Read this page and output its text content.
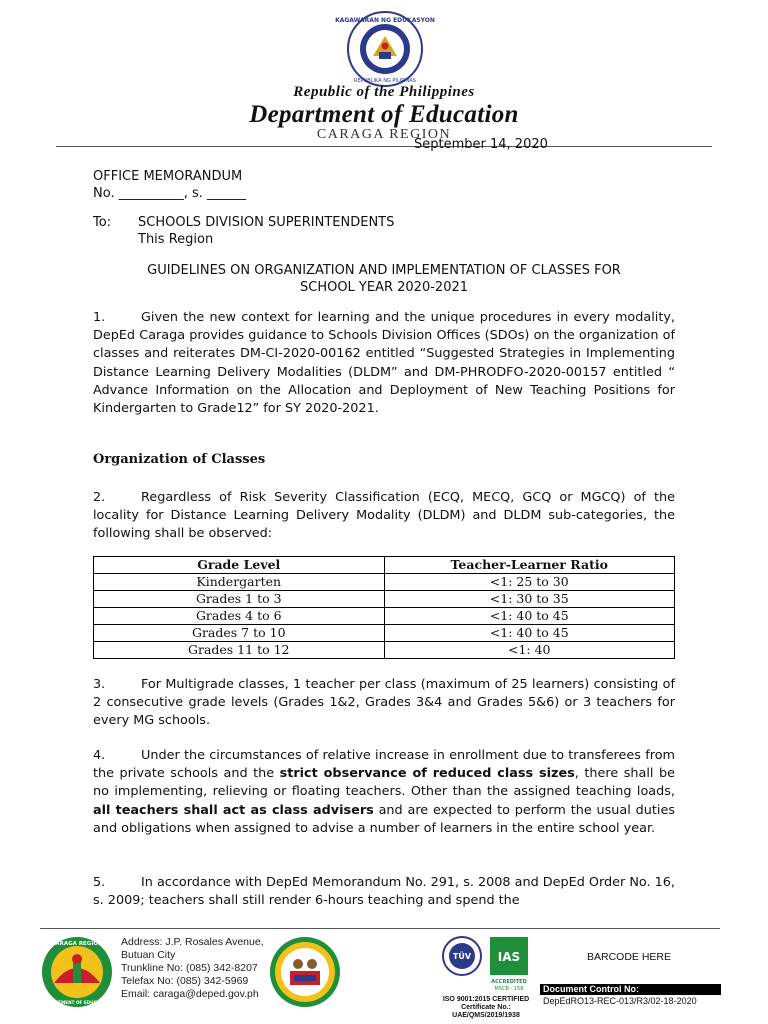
KAGAWARAN NG EDUKASYON
REPUBLIKA NG PILIPINAS
Republic of the Philippines
Department of Education
CARAGA REGION
September 14, 2020
OFFICE MEMORANDUM
No. __________, s. ______
To: SCHOOLS DIVISION SUPERINTENDENTS
This Region
GUIDELINES ON ORGANIZATION AND IMPLEMENTATION OF CLASSES FOR
SCHOOL YEAR 2020-2021

1.	Given the new context for learning and the unique procedures in every modality, DepEd Caraga provides guidance to Schools Division Offices (SDOs) on the organization of classes and reiterates DM-CI-2020-00162 entitled “Suggested Strategies in Implementing Distance Learning Delivery Modalities (DLDM” and DM-PHRODFO-2020-00157 entitled “ Advance Information on the Allocation and Deployment of New Teaching Positions for Kindergarten to Grade12” for SY 2020-2021.

Organization of Classes

2.	Regardless of Risk Severity Classification (ECQ, MECQ, GCQ or MGCQ) of the locality for Distance Learning Delivery Modality (DLDM) and DLDM sub-categories, the following shall be observed:

Grade Level	Teacher-Learner Ratio
Kindergarten	<1: 25 to 30
Grades 1 to 3	<1: 30 to 35
Grades 4 to 6	<1: 40 to 45
Grades 7 to 10	<1: 40 to 45
Grades 11 to 12	<1: 40

3.	For Multigrade classes, 1 teacher per class (maximum of 25 learners) consisting of 2 consecutive grade levels (Grades 1&2, Grades 3&4 and Grades 5&6) or 3 teachers for every MG schools.

4.	Under the circumstances of relative increase in enrollment due to transferees from the private schools and the strict observance of reduced class sizes, there shall be no implementing, relieving or floating teachers. Other than the assigned teaching loads, all teachers shall act as class advisers and are expected to perform the usual duties and obligations when assigned to advise a number of learners in the entire school year.

5.	In accordance with DepEd Memorandum No. 291, s. 2008 and DepEd Order No. 16, s. 2009; teachers shall still render 6-hours teaching and spend the

CARAGA REGION
DEPARTMENT OF EDUCATION
Address: J.P. Rosales Avenue,
Butuan City
Trunkline No: (085) 342-8207
Telefax No: (085) 342-5969
Email: caraga@deped.gov.ph
TÜV IAS
ACCREDITED
MSCB - 158
ISO 9001:2015 CERTIFIED
Certificate No.:
UAE/QMS/2019/1938
BARCODE HERE
Document Control No:
DepEdRO13-REC-013/R3/02-18-2020
